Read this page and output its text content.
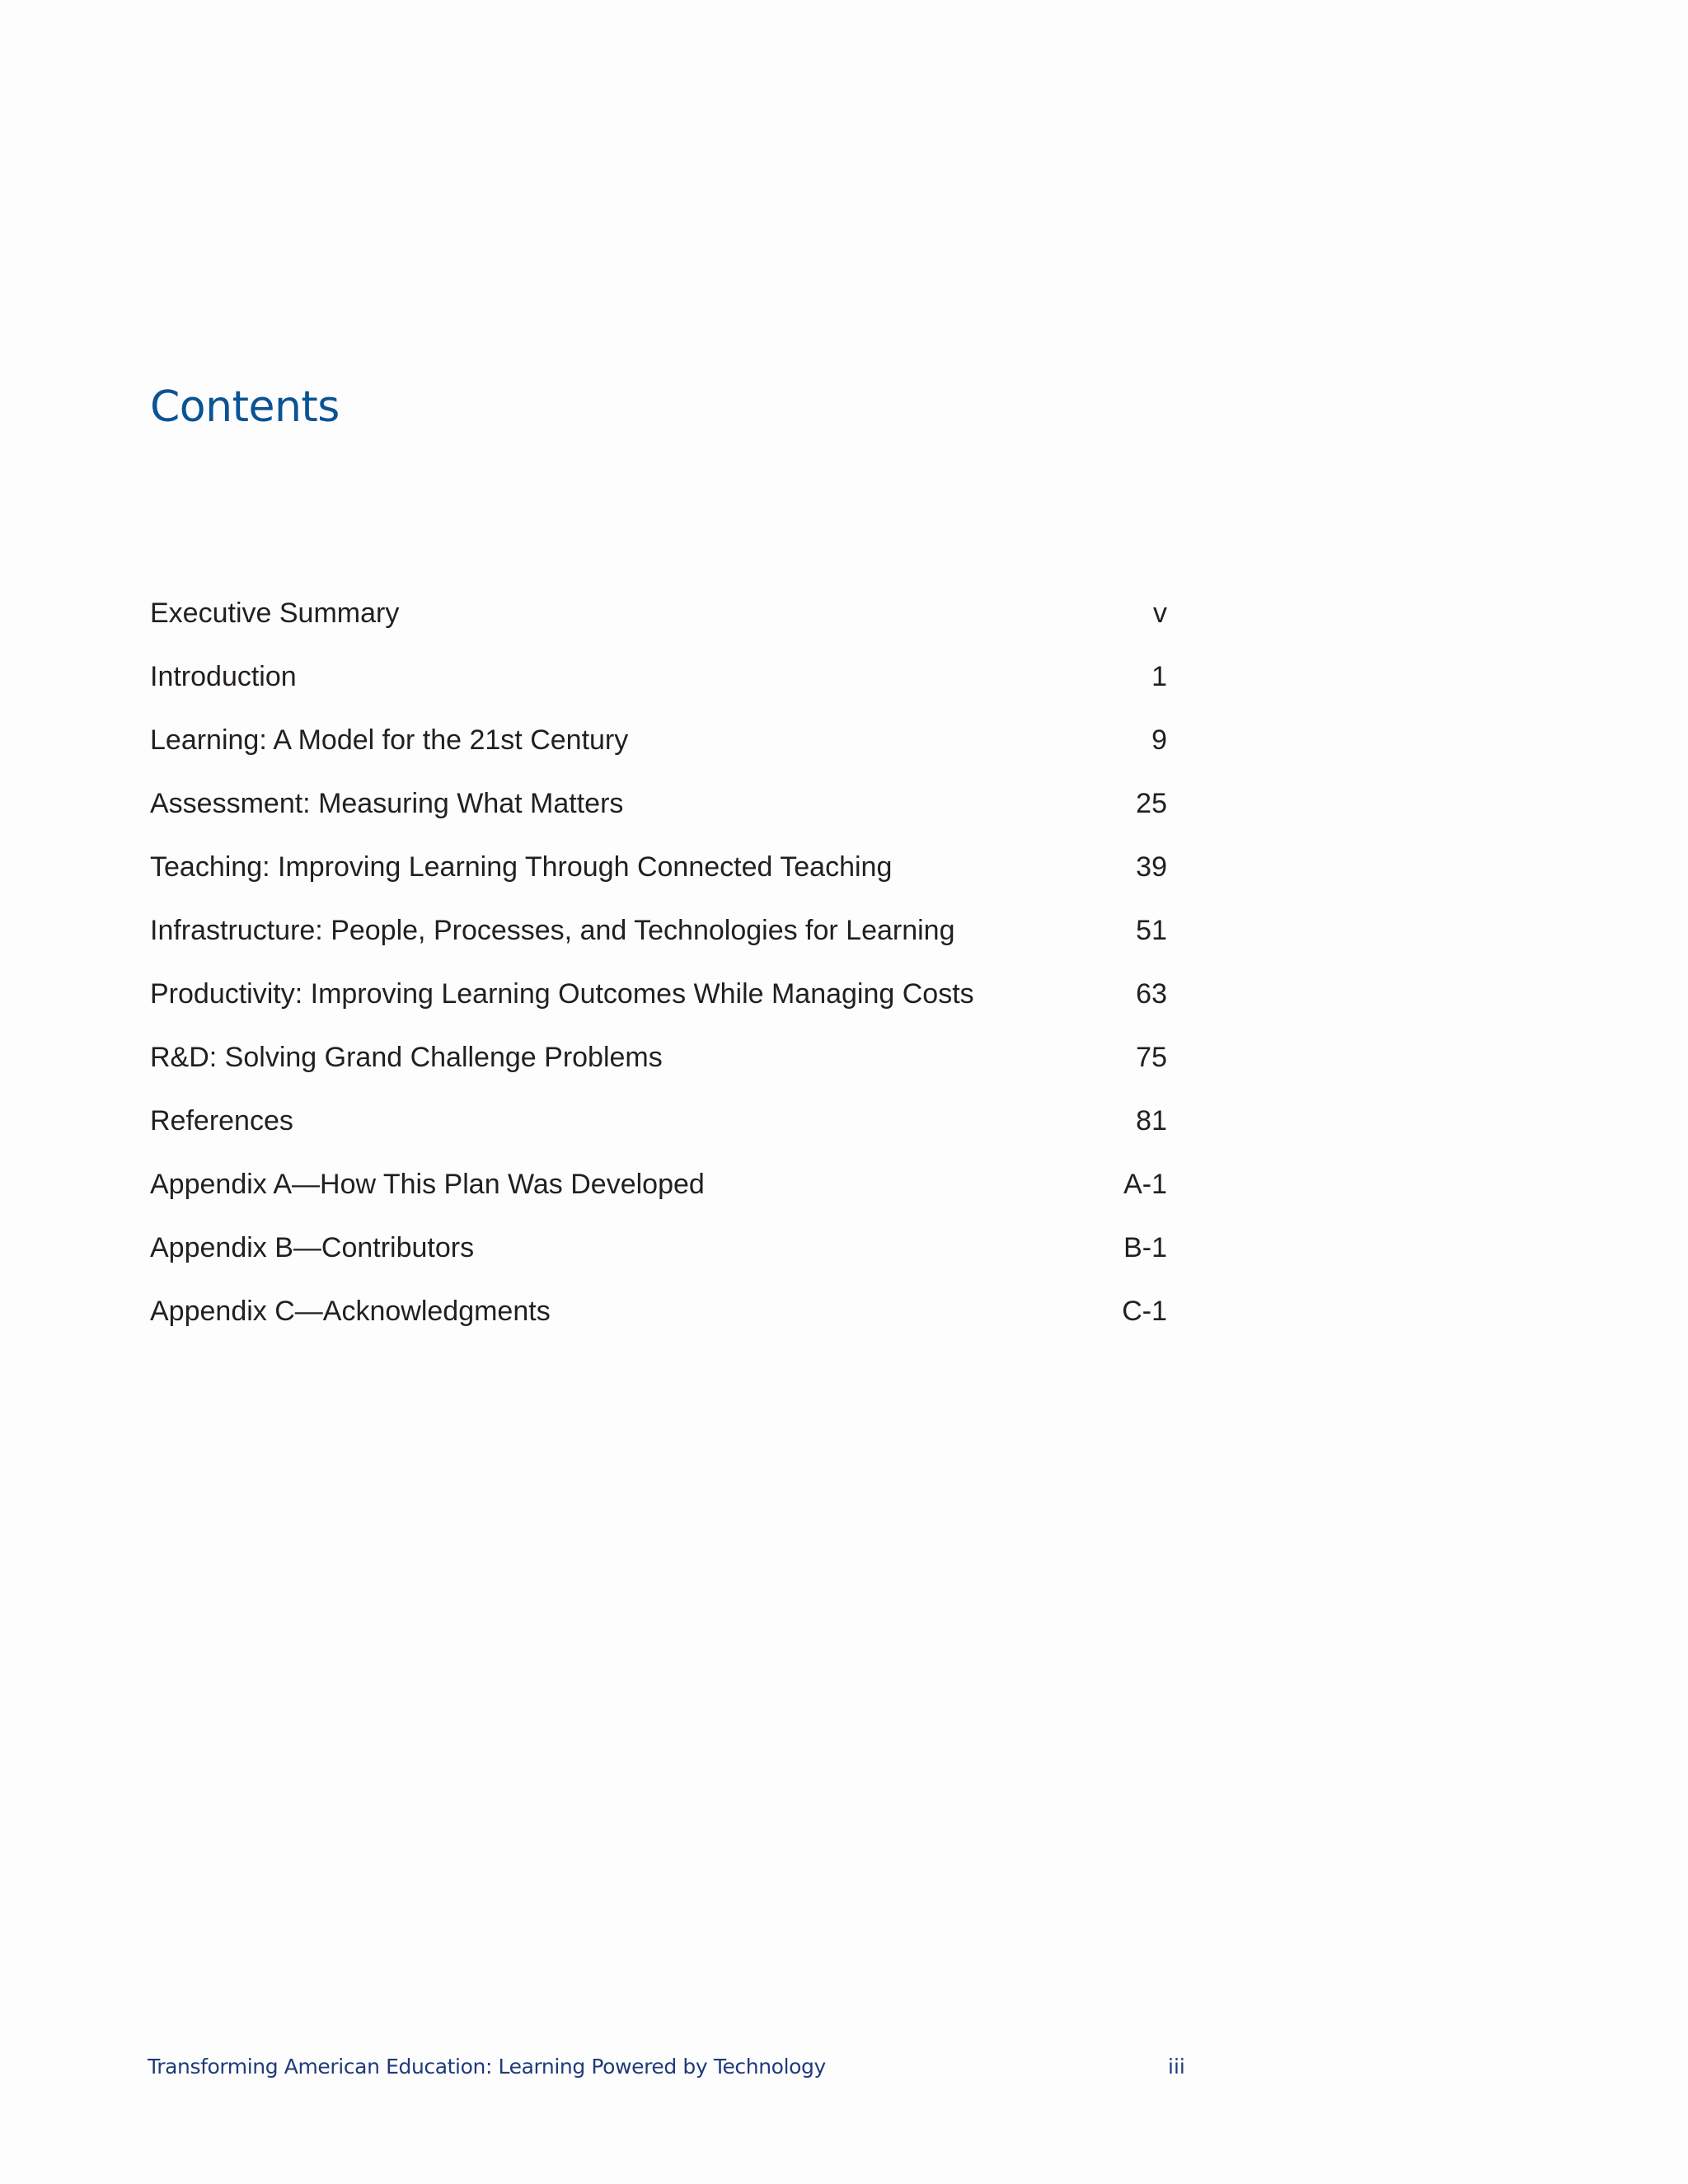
Contents
Executive Summary	v
Introduction	1
Learning: A Model for the 21st Century	9
Assessment: Measuring What Matters	25
Teaching: Improving Learning Through Connected Teaching	39
Infrastructure: People, Processes, and Technologies for Learning	51
Productivity: Improving Learning Outcomes While Managing Costs	63
R&D: Solving Grand Challenge Problems	75
References	81
Appendix A—How This Plan Was Developed	A-1
Appendix B—Contributors	B-1
Appendix C—Acknowledgments	C-1
Transforming American Education: Learning Powered by Technology	iii
